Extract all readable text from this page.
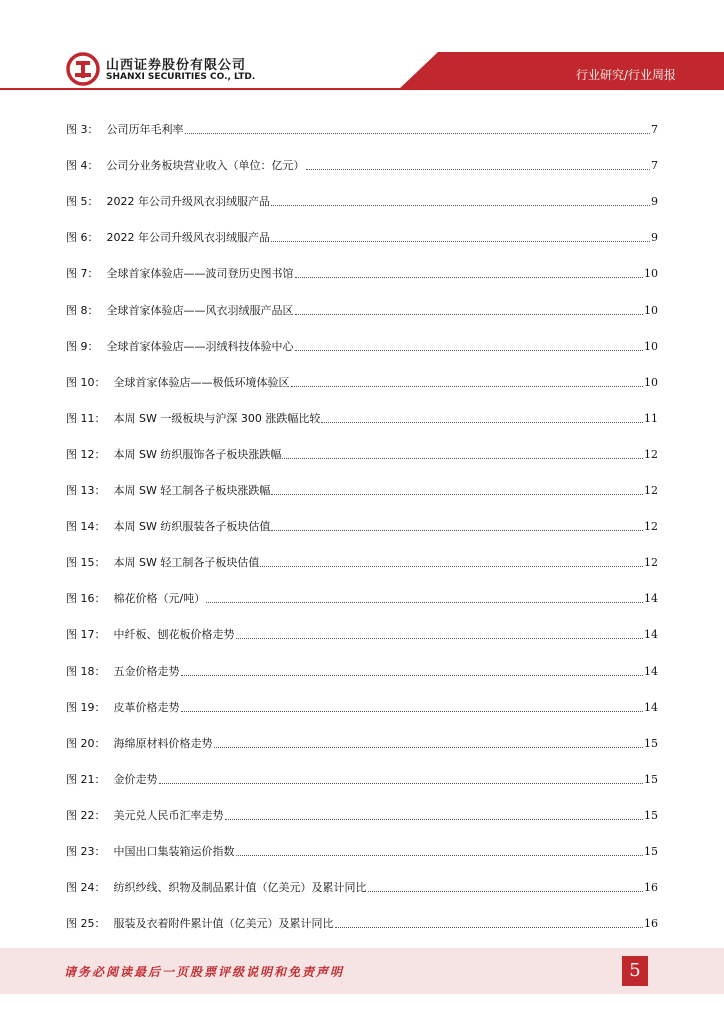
山西证券股份有限公司
SHANXI SECURITIES CO., LTD.	行业研究/行业周报
图 3： 公司历年毛利率	7
图 4： 公司分业务板块营业收入（单位：亿元）	7
图 5： 2022 年公司升级风衣羽绒服产品	9
图 6： 2022 年公司升级风衣羽绒服产品	9
图 7： 全球首家体验店——波司登历史图书馆	10
图 8： 全球首家体验店——风衣羽绒服产品区	10
图 9： 全球首家体验店——羽绒科技体验中心	10
图 10： 全球首家体验店——极低环境体验区	10
图 11： 本周 SW 一级板块与沪深 300 涨跌幅比较	11
图 12： 本周 SW 纺织服饰各子板块涨跌幅	12
图 13： 本周 SW 轻工制各子板块涨跌幅	12
图 14： 本周 SW 纺织服装各子板块估值	12
图 15： 本周 SW 轻工制各子板块估值	12
图 16： 棉花价格（元/吨）	14
图 17： 中纤板、刨花板价格走势	14
图 18： 五金价格走势	14
图 19： 皮革价格走势	14
图 20： 海绵原材料价格走势	15
图 21： 金价走势	15
图 22： 美元兑人民币汇率走势	15
图 23： 中国出口集装箱运价指数	15
图 24： 纺织纱线、织物及制品累计值（亿美元）及累计同比	16
图 25： 服装及衣着附件累计值（亿美元）及累计同比	16
请务必阅读最后一页股票评级说明和免责声明	5
